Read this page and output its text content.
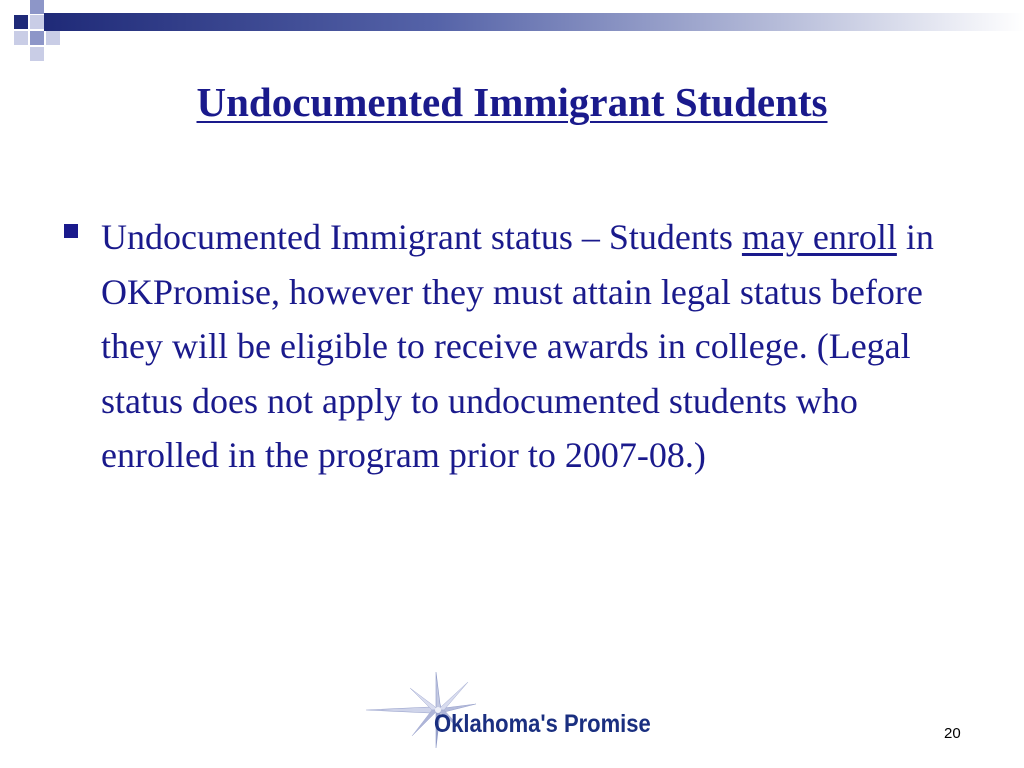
Undocumented Immigrant Students

Undocumented Immigrant status – Students may enroll in OKPromise, however they must attain legal status before they will be eligible to receive awards in college. (Legal status does not apply to undocumented students who enrolled in the program prior to 2007-08.)

Oklahoma's Promise	20
